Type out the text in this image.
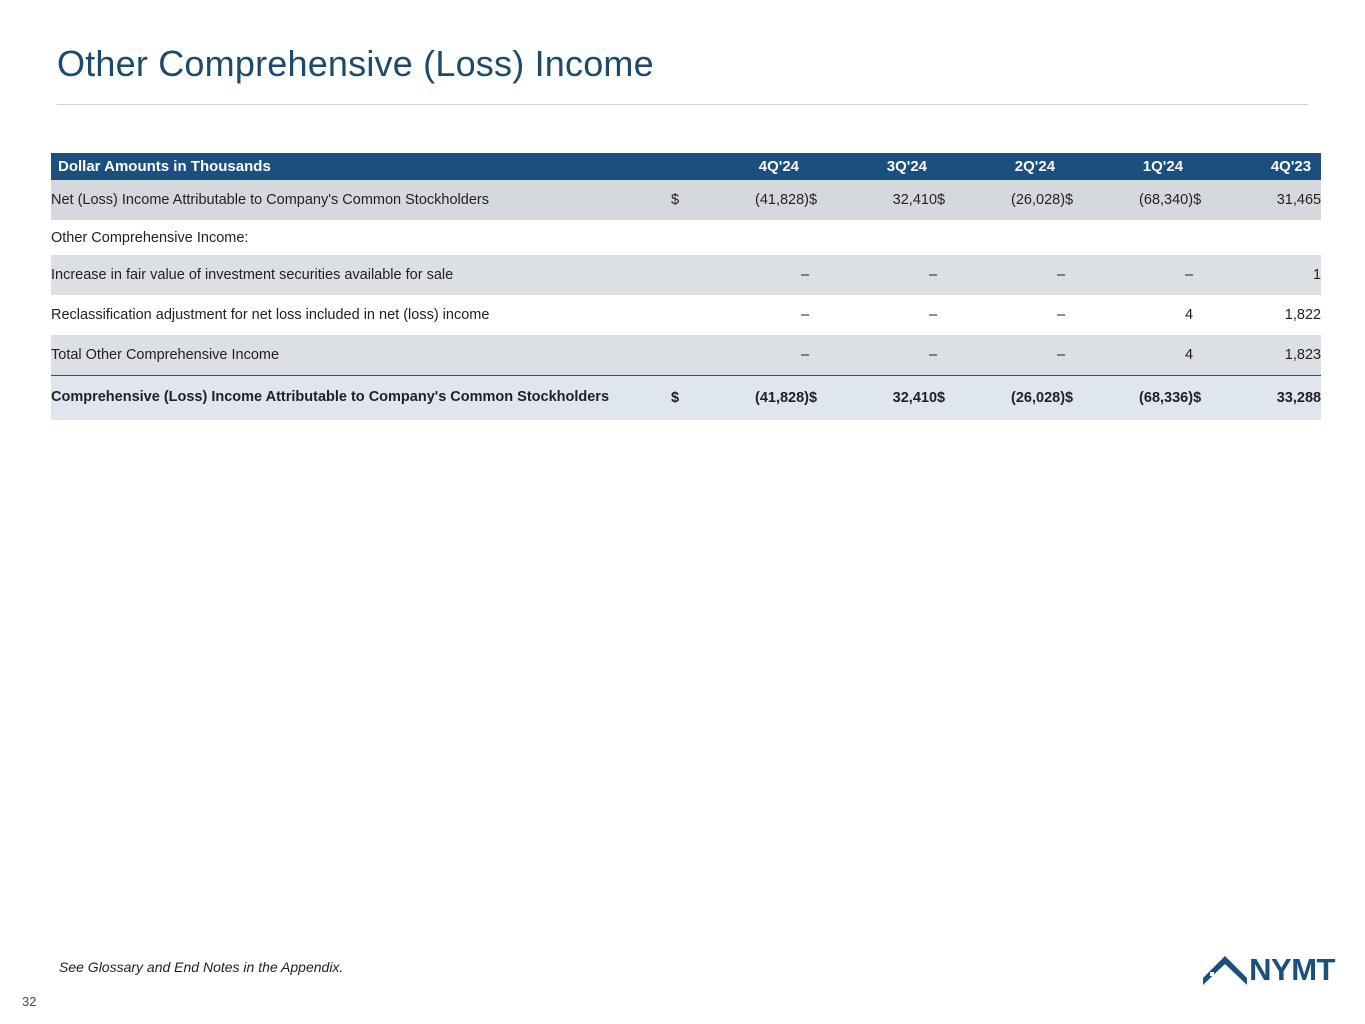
Other Comprehensive (Loss) Income
Dollar Amounts in Thousands	4Q'24		3Q'24		2Q'24		1Q'24		4Q'23	
Net (Loss) Income Attributable to Company's Common Stockholders	$	(41,828)	$	32,410	$	(26,028)	$	(68,340)	$	31,465
Other Comprehensive Income:										
Increase in fair value of investment securities available for sale		–		–		–		–		1
Reclassification adjustment for net loss included in net (loss) income		–		–		–		4		1,822
Total Other Comprehensive Income		–		–		–		4		1,823

Comprehensive (Loss) Income Attributable to Company's Common Stockholders	$	(41,828)	$	32,410	$	(26,028)	$	(68,336)	$	33,288
See Glossary and End Notes in the Appendix.
32
NYMT
